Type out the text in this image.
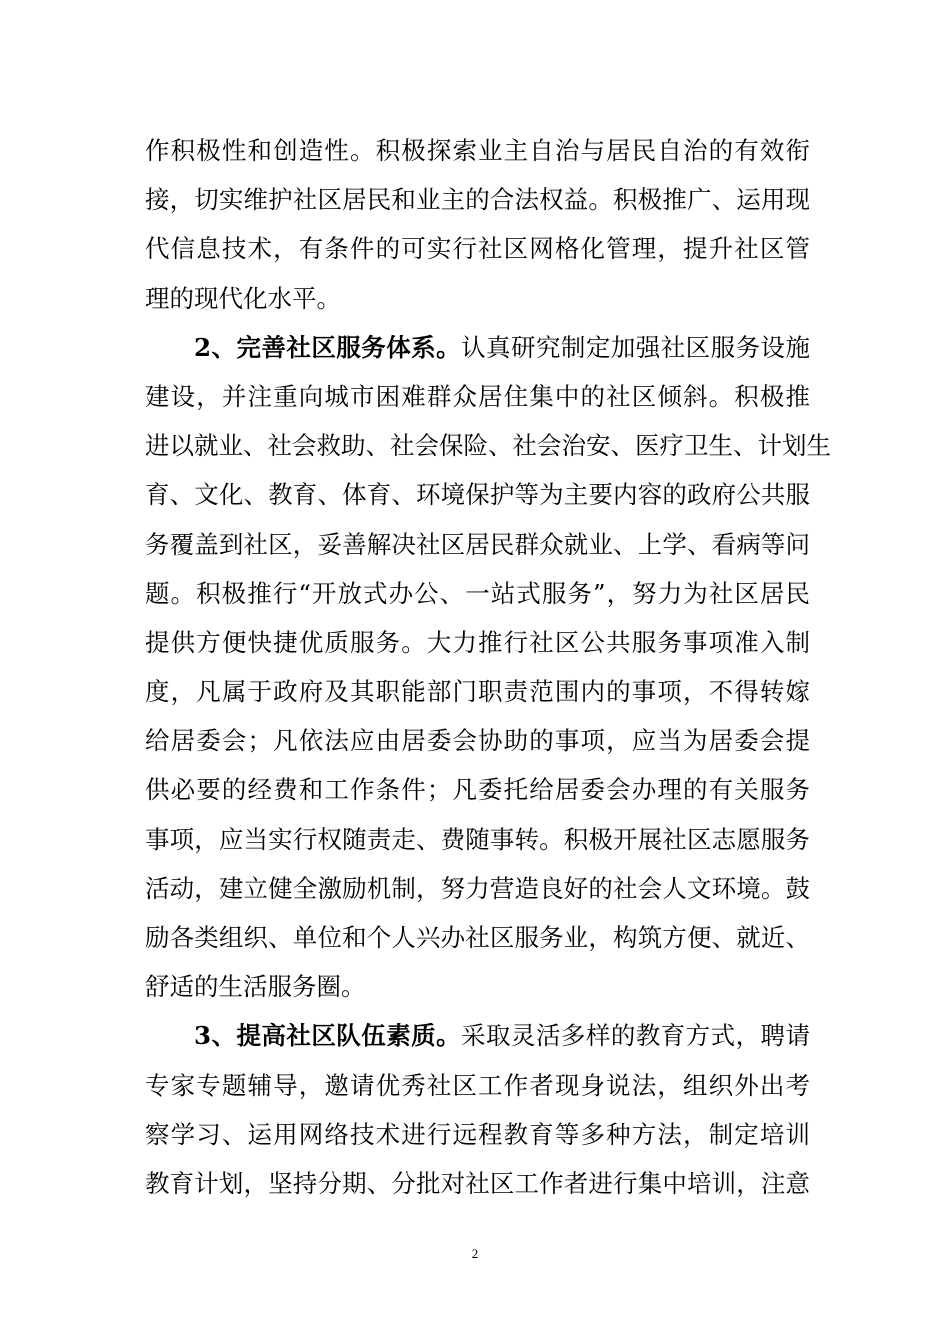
作积极性和创造性。积极探索业主自治与居民自治的有效衔
接，切实维护社区居民和业主的合法权益。积极推广、运用现
代信息技术，有条件的可实行社区网格化管理，提升社区管
理的现代化水平。
2、完善社区服务体系。认真研究制定加强社区服务设施
建设，并注重向城市困难群众居住集中的社区倾斜。积极推
进以就业、社会救助、社会保险、社会治安、医疗卫生、计划生
育、文化、教育、体育、环境保护等为主要内容的政府公共服
务覆盖到社区，妥善解决社区居民群众就业、上学、看病等问
题。积极推行“开放式办公、一站式服务”，努力为社区居民
提供方便快捷优质服务。大力推行社区公共服务事项准入制
度，凡属于政府及其职能部门职责范围内的事项，不得转嫁
给居委会；凡依法应由居委会协助的事项，应当为居委会提
供必要的经费和工作条件；凡委托给居委会办理的有关服务
事项，应当实行权随责走、费随事转。积极开展社区志愿服务
活动，建立健全激励机制，努力营造良好的社会人文环境。鼓
励各类组织、单位和个人兴办社区服务业，构筑方便、就近、
舒适的生活服务圈。
3、提高社区队伍素质。采取灵活多样的教育方式，聘请
专家专题辅导，邀请优秀社区工作者现身说法，组织外出考
察学习、运用网络技术进行远程教育等多种方法，制定培训
教育计划，坚持分期、分批对社区工作者进行集中培训，注意
2
